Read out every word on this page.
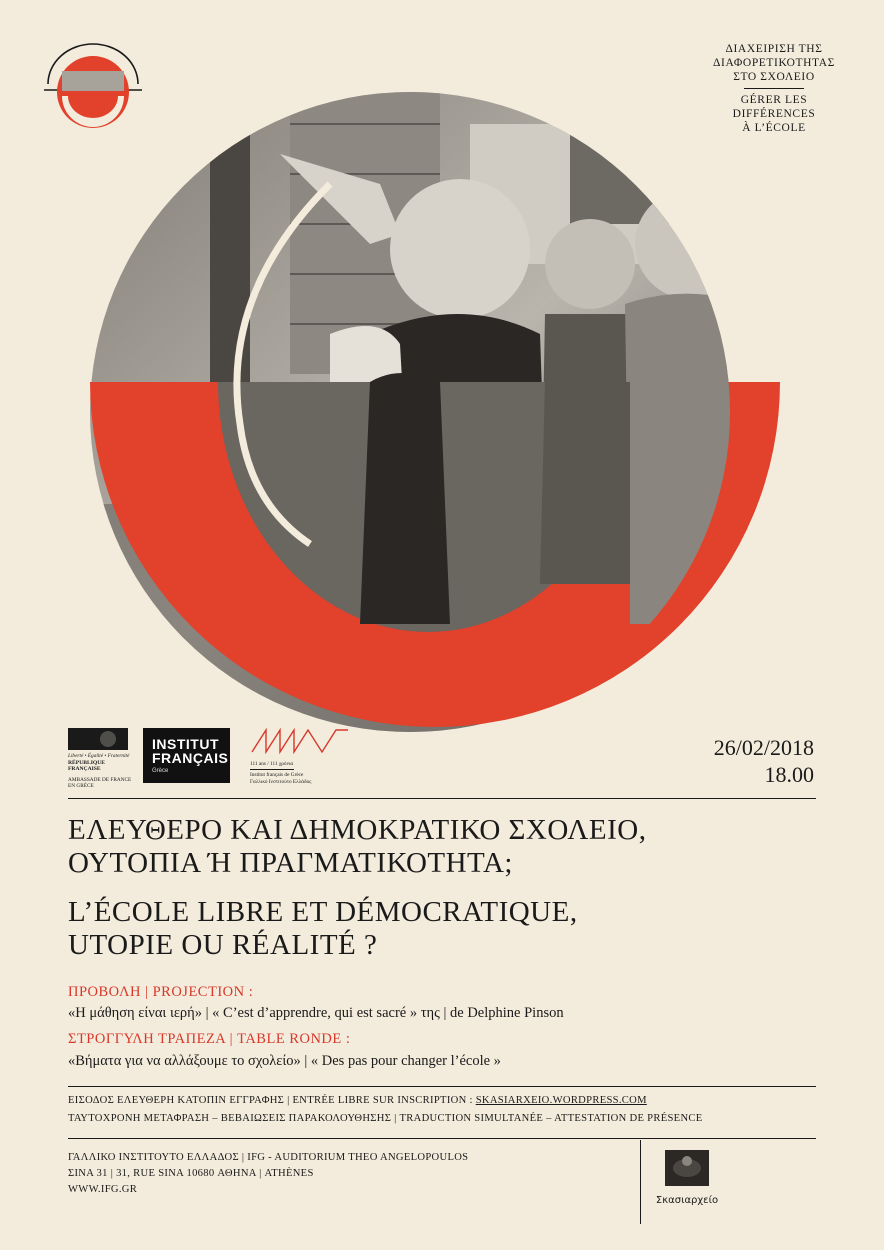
ΔΙΑΧΕΙΡΙΣΗ ΤΗΣ
ΔΙΑΦΟΡΕΤΙΚΟΤΗΤΑΣ
ΣΤΟ ΣΧΟΛΕΙΟ
GÉRER LES
DIFFÉRENCES
À L’ÉCOLE
Liberté • Égalité • Fraternité
RÉPUBLIQUE FRANÇAISE
AMBASSADE DE FRANCE EN GRÈCE
INSTITUT
FRANÇAIS
Grèce
111 ans / 111 χρόνια
Institut français de Grèce
Γαλλικό Ινστιτούτο Ελλάδος
26/02/2018
18.00
ΕΛΕΥΘΕΡΟ ΚΑΙ ΔΗΜΟΚΡΑΤΙΚΟ ΣΧΟΛΕΙΟ,
ΟΥΤΟΠΙΑ Ή ΠΡΑΓΜΑΤΙΚΟΤΗΤΑ;
L’ÉCOLE LIBRE ET DÉMOCRATIQUE,
UTOPIE OU RÉALITÉ ?
ΠΡΟΒΟΛΗ | PROJECTION :
«Η μάθηση είναι ιερή» | « C’est d’apprendre, qui est sacré » της | de Delphine Pinson
ΣΤΡΟΓΓΥΛΗ ΤΡΑΠΕΖΑ | TABLE RONDE :
«Βήματα για να αλλάξουμε το σχολείο» | « Des pas pour changer l’école »
ΕΙΣΟΔΟΣ ΕΛΕΥΘΕΡΗ ΚΑΤΟΠΙΝ ΕΓΓΡΑΦΗΣ | ENTRÉE LIBRE SUR INSCRIPTION : SKASIARXEIO.WORDPRESS.COM
ΤΑΥΤΟΧΡΟΝΗ ΜΕΤΑΦΡΑΣΗ – ΒΕΒΑΙΩΣΕΙΣ ΠΑΡΑΚΟΛΟΥΘΗΣΗΣ | TRADUCTION SIMULTANÉE – ATTESTATION DE PRÉSENCE
ΓΑΛΛΙΚΟ ΙΝΣΤΙΤΟΥΤΟ ΕΛΛΑΔΟΣ | IFG - AUDITORIUM THEO ANGELOPOULOS
ΣΙΝΑ 31 | 31, RUE SINA 10680 ΑΘΗΝΑ | ATHÈNES
WWW.IFG.GR
Σκασιαρχείο
